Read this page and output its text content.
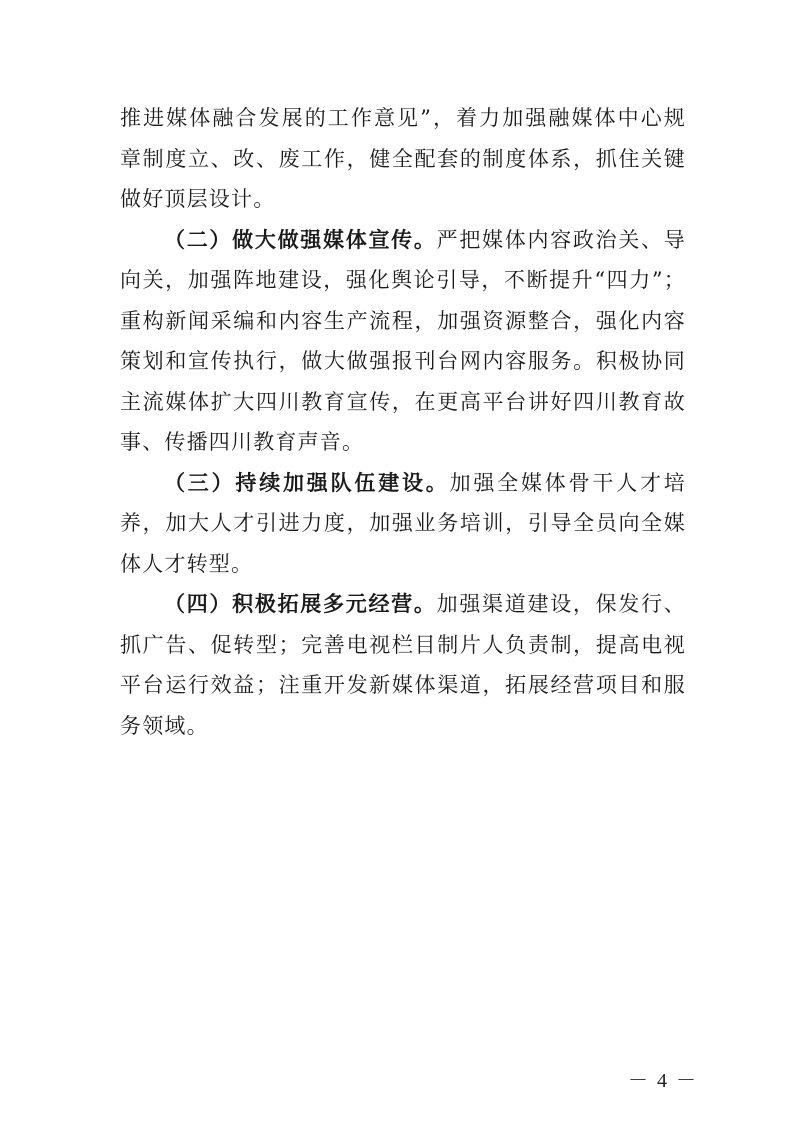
推进媒体融合发展的工作意见”，着力加强融媒体中心规章制度立、改、废工作，健全配套的制度体系，抓住关键做好顶层设计。

（二）做大做强媒体宣传。严把媒体内容政治关、导向关，加强阵地建设，强化舆论引导，不断提升“四力”；重构新闻采编和内容生产流程，加强资源整合，强化内容策划和宣传执行，做大做强报刊台网内容服务。积极协同主流媒体扩大四川教育宣传，在更高平台讲好四川教育故事、传播四川教育声音。

（三）持续加强队伍建设。加强全媒体骨干人才培养，加大人才引进力度，加强业务培训，引导全员向全媒体人才转型。

（四）积极拓展多元经营。加强渠道建设，保发行、抓广告、促转型；完善电视栏目制片人负责制，提高电视平台运行效益；注重开发新媒体渠道，拓展经营项目和服务领域。

－ 4 －
